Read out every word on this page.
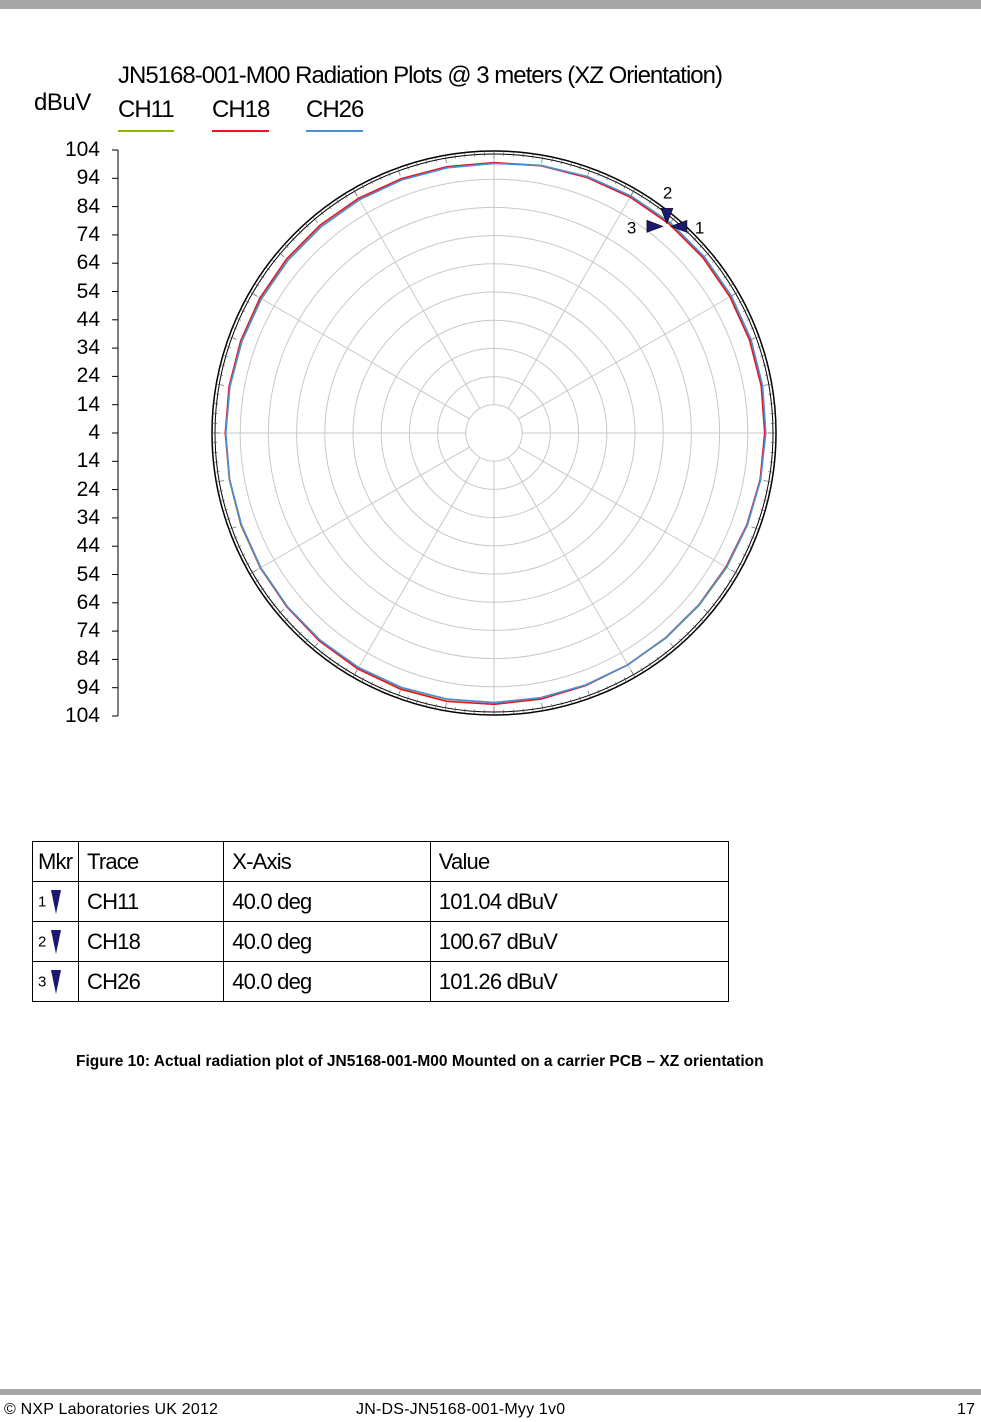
JN5168-001-M00 Radiation Plots @ 3 meters (XZ Orientation)
dBuV CH11 CH18 CH26
104
94
84
74
64
54
44
34
24
14
4
14
24
34
44
54
64
74
84
94
104
1
2
3
Mkr	Trace	X-Axis	Value
1	CH11	40.0 deg	101.04 dBuV
2	CH18	40.0 deg	100.67 dBuV
3	CH26	40.0 deg	101.26 dBuV
Figure 10: Actual radiation plot of JN5168-001-M00 Mounted on a carrier PCB – XZ orientation
© NXP Laboratories UK 2012	JN-DS-JN5168-001-Myy 1v0	17
